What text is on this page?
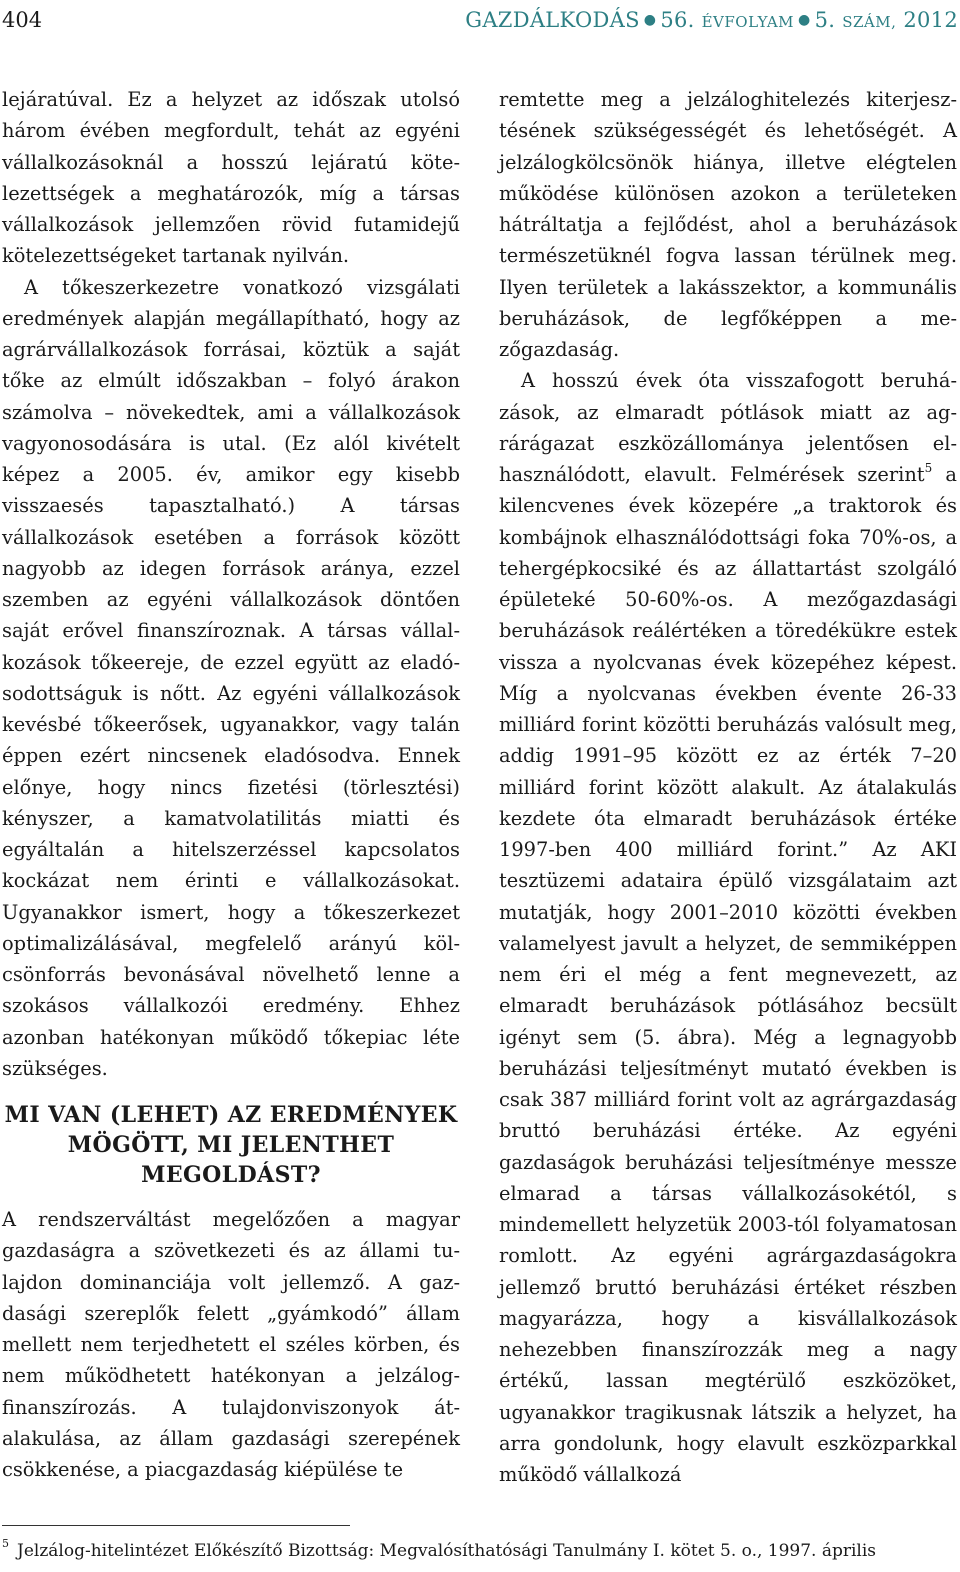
404	GAZDÁLKODÁS ● 56. ÉVFOLYAM ● 5. SZÁM, 2012

lejáratúval. Ez a helyzet az időszak utolsó három évében megfordult, tehát az egyéni vállalkozásoknál a hosszú lejáratú kötelezettségek a meghatározók, míg a társas vállalkozások jellemzően rövid futamidejű kötelezettségeket tartanak nyilván.

A tőkeszerkezetre vonatkozó vizsgálati eredmények alapján megállapítható, hogy az agrárvállalkozások forrásai, köztük a saját tőke az elmúlt időszakban – folyó árakon számolva – növekedtek, ami a vállalkozások vagyonosodására is utal. (Ez alól kivételt képez a 2005. év, amikor egy kisebb visszaesés tapasztalható.) A társas vállalkozások esetében a források között nagyobb az idegen források aránya, ezzel szemben az egyéni vállalkozások döntően saját erővel finanszíroznak. A társas vállalkozások tőkeereje, de ezzel együtt az eladósodottságuk is nőtt. Az egyéni vállalkozások kevésbé tőkeerősek, ugyanakkor, vagy talán éppen ezért nincsenek eladósodva. Ennek előnye, hogy nincs fizetési (törlesztési) kényszer, a kamatvolatilitás miatti és egyáltalán a hitelszerzéssel kapcsolatos kockázat nem érinti e vállalkozásokat. Ugyanakkor ismert, hogy a tőkeszerkezet optimalizálásával, megfelelő arányú kölcsönforrás bevonásával növelhető lenne a szokásos vállalkozói eredmény. Ehhez azonban hatékonyan működő tőkepiac léte szükséges.

MI VAN (LEHET) AZ EREDMÉNYEK MÖGÖTT, MI JELENTHET MEGOLDÁST?

A rendszerváltást megelőzően a magyar gazdaságra a szövetkezeti és az állami tulajdon dominanciája volt jellemző. A gazdasági szereplők felett „gyámkodó” állam mellett nem terjedhetett el széles körben, és nem működhetett hatékonyan a jelzálog-finanszírozás. A tulajdonviszonyok átalakulása, az állam gazdasági szerepének csökkenése, a piacgazdaság kiépülése te

remtette meg a jelzáloghitelezés kiterjesztésének szükségességét és lehetőségét. A jelzálogkölcsönök hiánya, illetve elégtelen működése különösen azokon a területeken hátráltatja a fejlődést, ahol a beruházások természetüknél fogva lassan térülnek meg. Ilyen területek a lakásszektor, a kommunális beruházások, de legfőképpen a mezőgazdaság.

A hosszú évek óta visszafogott beruházások, az elmaradt pótlások miatt az agrárágazat eszközállománya jelentősen elhasználódott, elavult. Felmérések szerint$^5$ a kilencvenes évek közepére „a traktorok és kombájnok elhasználódottsági foka 70%-os, a tehergépkocsiké és az állattartást szolgáló épületeké 50-60%-os. A mezőgazdasági beruházások reálértéken a töredékükre estek vissza a nyolcvanas évek közepéhez képest. Míg a nyolcvanas években évente 26-33 milliárd forint közötti beruházás valósult meg, addig 1991–95 között ez az érték 7–20 milliárd forint között alakult. Az átalakulás kezdete óta elmaradt beruházások értéke 1997-ben 400 milliárd forint.” Az AKI tesztüzemi adataira épülő vizsgálataim azt mutatják, hogy 2001–2010 közötti években valamelyest javult a helyzet, de semmiképpen nem éri el még a fent megnevezett, az elmaradt beruházások pótlásához becsült igényt sem (5. ábra). Még a legnagyobb beruházási teljesítményt mutató években is csak 387 milliárd forint volt az agrárgazdaság bruttó beruházási értéke. Az egyéni gazdaságok beruházási teljesítménye messze elmarad a társas vállalkozásokétól, s mindemellett helyzetük 2003-tól folyamatosan romlott. Az egyéni agrárgazdaságokra jellemző bruttó beruházási értéket részben magyarázza, hogy a kisvállalkozások nehezebben finanszírozzák meg a nagy értékű, lassan megtérülő eszközöket, ugyanakkor tragikusnak látszik a helyzet, ha arra gondolunk, hogy elavult eszközparkkal működő vállalkozá

$^5$ Jelzálog-hitelintézet Előkészítő Bizottság: Megvalósíthatósági Tanulmány I. kötet 5. o., 1997. április
